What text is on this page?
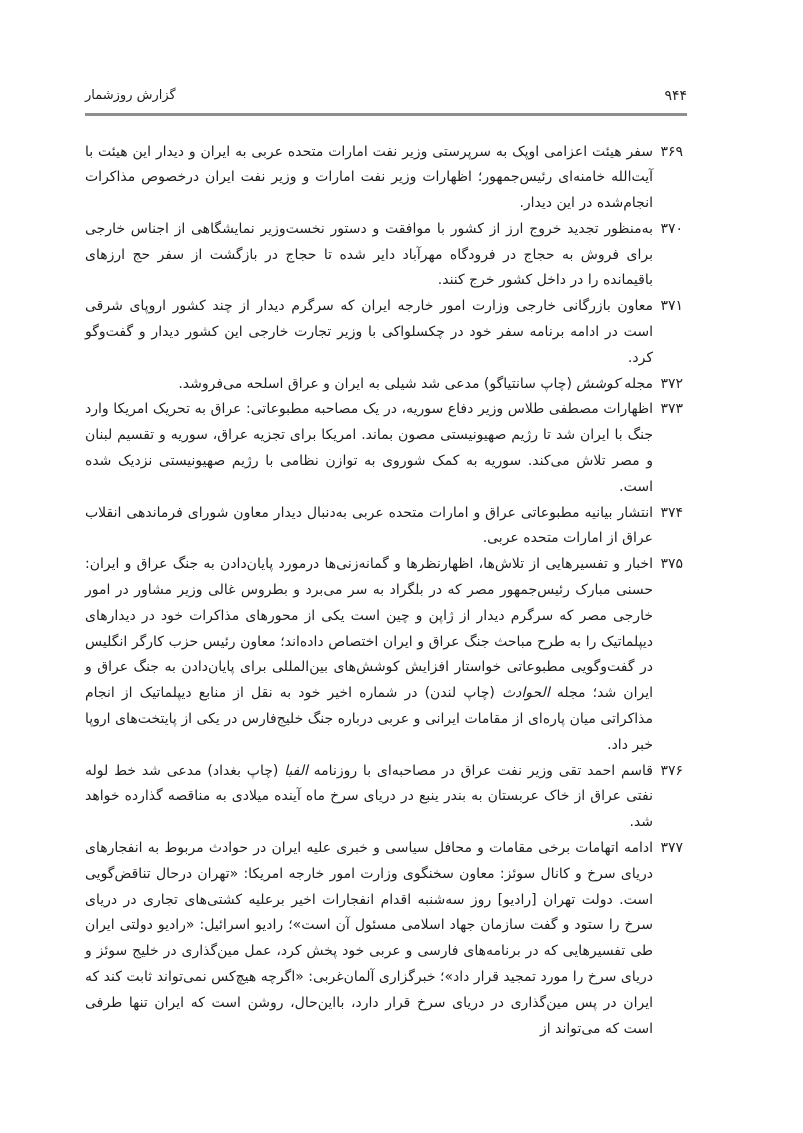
۹۴۴
گزارش روزشمار
۳۶۹
سفر هیئت اعزامی اوپک به سرپرستی وزیر نفت امارات متحده عربی به ایران و دیدار این هیئت با آیت‌الله خامنه‌ای رئیس‌جمهور؛ اظهارات وزیر نفت امارات و وزیر نفت ایران درخصوص مذاکرات انجام‌شده در این دیدار.
۳۷۰
به‌منظور تجدید خروج ارز از کشور با موافقت و دستور نخست‌وزیر نمایشگاهی از اجناس خارجی برای فروش به حجاج در فرودگاه مهرآباد دایر شده تا حجاج در بازگشت از سفر حج ارزهای باقیمانده را در داخل کشور خرج کنند.
۳۷۱
معاون بازرگانی خارجی وزارت امور خارجه ایران که سرگرم دیدار از چند کشور اروپای شرقی است در ادامه برنامه سفر خود در چکسلواکی با وزیر تجارت خارجی این کشور دیدار و گفت‌وگو کرد.
۳۷۲
مجله کوشش (چاپ سانتیاگو) مدعی شد شیلی به ایران و عراق اسلحه می‌فروشد.
۳۷۳
اظهارات مصطفی طلاس وزیر دفاع سوریه، در یک مصاحبه مطبوعاتی: عراق به تحریک امریکا وارد جنگ با ایران شد تا رژیم صهیونیستی مصون بماند. امریکا برای تجزیه عراق، سوریه و تقسیم لبنان و مصر تلاش می‌کند. سوریه به کمک شوروی به توازن نظامی با رژیم صهیونیستی نزدیک شده است.
۳۷۴
انتشار بیانیه مطبوعاتی عراق و امارات متحده عربی به‌دنبال دیدار معاون شورای فرماندهی انقلاب عراق از امارات متحده عربی.
۳۷۵
اخبار و تفسیرهایی از تلاش‌ها، اظهارنظرها و گمانه‌زنی‌ها درمورد پایان‌دادن به جنگ عراق و ایران: حسنی مبارک رئیس‌جمهور مصر که در بلگراد به سر می‌برد و بطروس غالی وزیر مشاور در امور خارجی مصر که سرگرم دیدار از ژاپن و چین است یکی از محورهای مذاکرات خود در دیدارهای دیپلماتیک را به طرح مباحث جنگ عراق و ایران اختصاص داده‌اند؛ معاون رئیس حزب کارگر انگلیس در گفت‌وگویی مطبوعاتی خواستار افزایش کوشش‌های بین‌المللی برای پایان‌دادن به جنگ عراق و ایران شد؛ مجله الحوادث (چاپ لندن) در شماره اخیر خود به نقل از منابع دیپلماتیک از انجام مذاکراتی میان پاره‌ای از مقامات ایرانی و عربی درباره جنگ خلیج‌فارس در یکی از پایتخت‌های اروپا خبر داد.
۳۷۶
قاسم احمد تقی وزیر نفت عراق در مصاحبه‌ای با روزنامه الفبا (چاپ بغداد) مدعی شد خط لوله نفتی عراق از خاک عربستان به بندر ینبع در دریای سرخ ماه آینده میلادی به مناقصه گذارده خواهد شد.
۳۷۷
ادامه اتهامات برخی مقامات و محافل سیاسی و خبری علیه ایران در حوادث مربوط به انفجارهای دریای سرخ و کانال سوئز: معاون سخنگوی وزارت امور خارجه امریکا: «تهران درحال تناقض‌گویی است. دولت تهران [رادیو] روز سه‌شنبه اقدام انفجارات اخیر برعلیه کشتی‌های تجاری در دریای سرخ را ستود و گفت سازمان جهاد اسلامی مسئول آن است»؛ رادیو اسرائیل: «رادیو دولتی ایران طی تفسیرهایی که در برنامه‌های فارسی و عربی خود پخش کرد، عمل مین‌گذاری در خلیج سوئز و دریای سرخ را مورد تمجید قرار داد»؛ خبرگزاری آلمان‌غربی: «اگرچه هیچ‌کس نمی‌تواند ثابت کند که ایران در پس مین‌گذاری در دریای سرخ قرار دارد، بااین‌حال، روشن است که ایران تنها طرفی است که می‌تواند از
